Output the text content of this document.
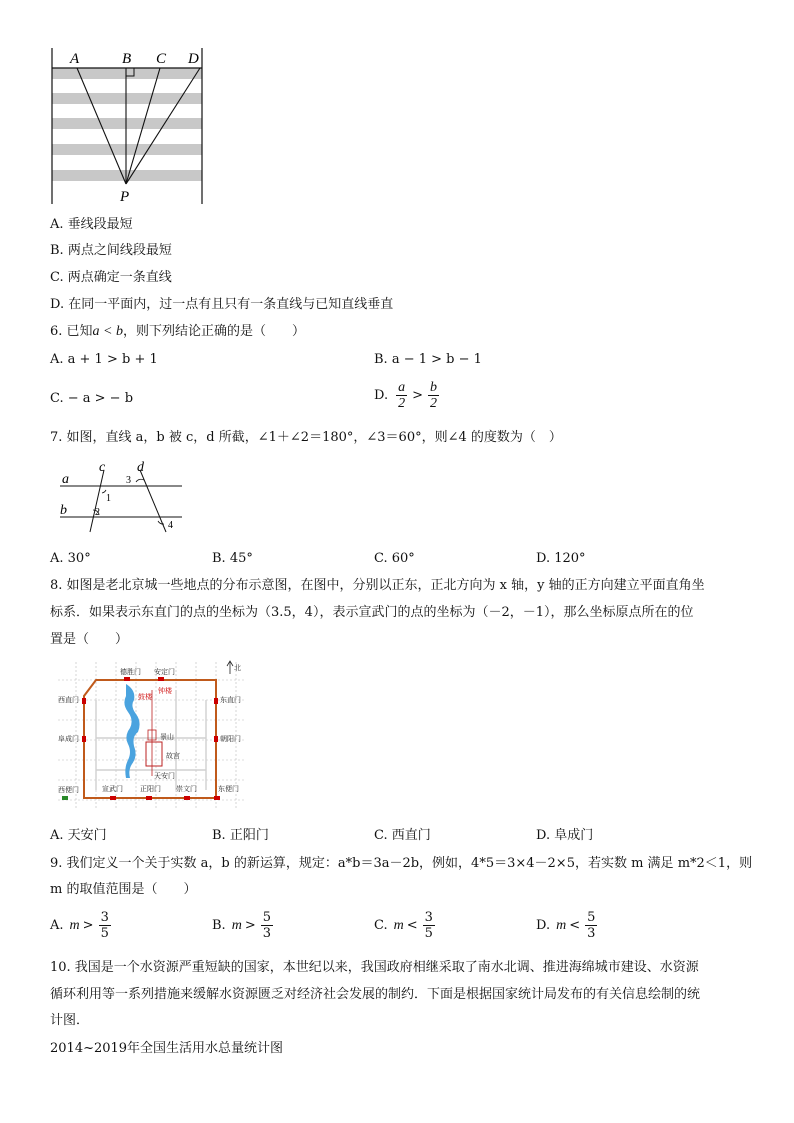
A	B C D
P
A. 垂线段最短
B. 两点之间线段最短
C. 两点确定一条直线
D. 在同一平面内，过一点有且只有一条直线与已知直线垂直
6. 已知a < b，则下列结论正确的是（　　）
A. a + 1 > b + 1	B. a − 1 > b − 1
C. − a > − b	D. $\frac{a}{2} > \frac{b}{2}$
7. 如图，直线 a，b 被 c，d 所截，∠1＋∠2＝180°，∠3＝60°，则∠4 的度数为（　）
a
b
c d
1
2
3
4
A. 30°	B. 45°	C. 60°	D. 120°
8. 如图是老北京城一些地点的分布示意图，在图中，分别以正东，正北方向为 x 轴，y 轴的正方向建立平面直角坐
标系．如果表示东直门的点的坐标为（3.5，4），表示宣武门的点的坐标为（－2，－1），那么坐标原点所在的位
置是（　　）
德胜门 安定门
鼓楼
钟楼
西直门	东直门
阜成门	朝阳门
景山
故宫
天安门
西便门	宣武门 正阳门 崇文门	东便门
北
A. 天安门	B. 正阳门	C. 西直门	D. 阜成门
9. 我们定义一个关于实数 a，b 的新运算，规定：a*b＝3a－2b，例如，4*5＝3×4－2×5，若实数 m 满足 m*2＜1，则
m 的取值范围是（　　）
A. $m > \frac{3}{5}$	B. $m > \frac{5}{3}$	C. $m < \frac{3}{5}$	D. $m < \frac{5}{3}$
10. 我国是一个水资源严重短缺的国家，本世纪以来，我国政府相继采取了南水北调、推进海绵城市建设、水资源
循环利用等一系列措施来缓解水资源匮乏对经济社会发展的制约．下面是根据国家统计局发布的有关信息绘制的统
计图．
2014~2019年全国生活用水总量统计图
